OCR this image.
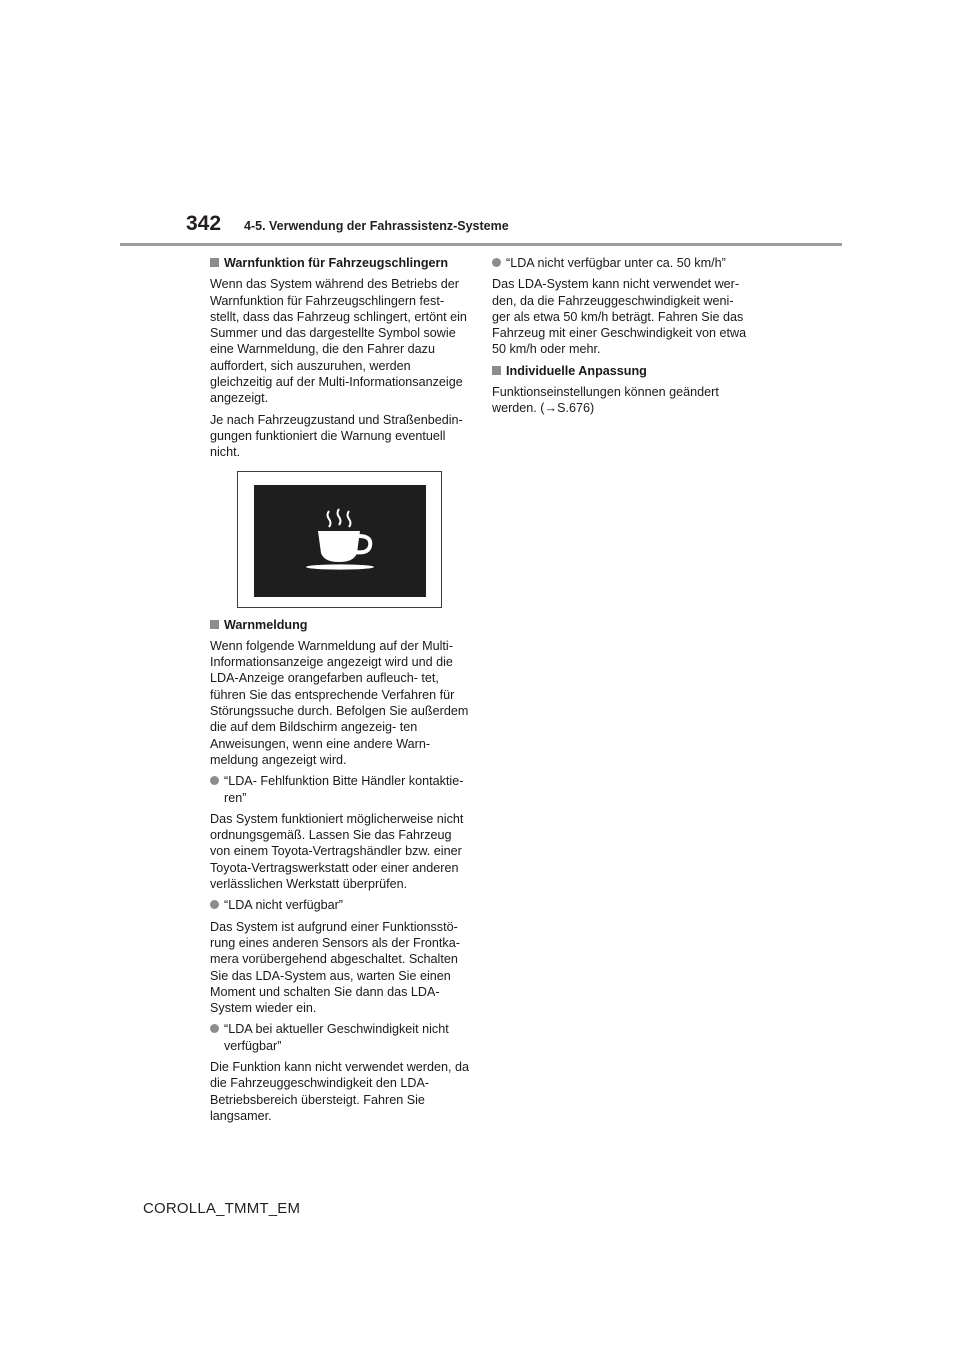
342 4-5. Verwendung der Fahrassistenz-Systeme
Warnfunktion für Fahrzeugschlingern

Wenn das System während des Betriebs der Warnfunktion für Fahrzeugschlingern fest- stellt, dass das Fahrzeug schlingert, ertönt ein Summer und das dargestellte Symbol sowie eine Warnmeldung, die den Fahrer dazu auffordert, sich auszuruhen, werden gleichzeitig auf der Multi-Informationsanzeige angezeigt.

Je nach Fahrzeugzustand und Straßenbedin- gungen funktioniert die Warnung eventuell nicht.

Warnmeldung

Wenn folgende Warnmeldung auf der Multi-Informationsanzeige angezeigt wird und die LDA-Anzeige orangefarben aufleuch- tet, führen Sie das entsprechende Verfahren für Störungssuche durch. Befolgen Sie außerdem die auf dem Bildschirm angezeig- ten Anweisungen, wenn eine andere Warn- meldung angezeigt wird.

“LDA- Fehlfunktion Bitte Händler kontaktie- ren”

Das System funktioniert möglicherweise nicht ordnungsgemäß. Lassen Sie das Fahrzeug von einem Toyota-Vertragshändler bzw. einer Toyota-Vertragswerkstatt oder einer anderen verlässlichen Werkstatt überprüfen.

“LDA nicht verfügbar”

Das System ist aufgrund einer Funktionsstö- rung eines anderen Sensors als der Frontka- mera vorübergehend abgeschaltet. Schalten Sie das LDA-System aus, warten Sie einen Moment und schalten Sie dann das LDA-System wieder ein.

“LDA bei aktueller Geschwindigkeit nicht verfügbar”

Die Funktion kann nicht verwendet werden, da die Fahrzeuggeschwindigkeit den LDA-Betriebsbereich übersteigt. Fahren Sie langsamer.

“LDA nicht verfügbar unter ca. 50 km/h”

Das LDA-System kann nicht verwendet wer- den, da die Fahrzeuggeschwindigkeit weni- ger als etwa 50 km/h beträgt. Fahren Sie das Fahrzeug mit einer Geschwindigkeit von etwa 50 km/h oder mehr.

Individuelle Anpassung

Funktionseinstellungen können geändert werden. (→S.676)

COROLLA_TMMT_EM
